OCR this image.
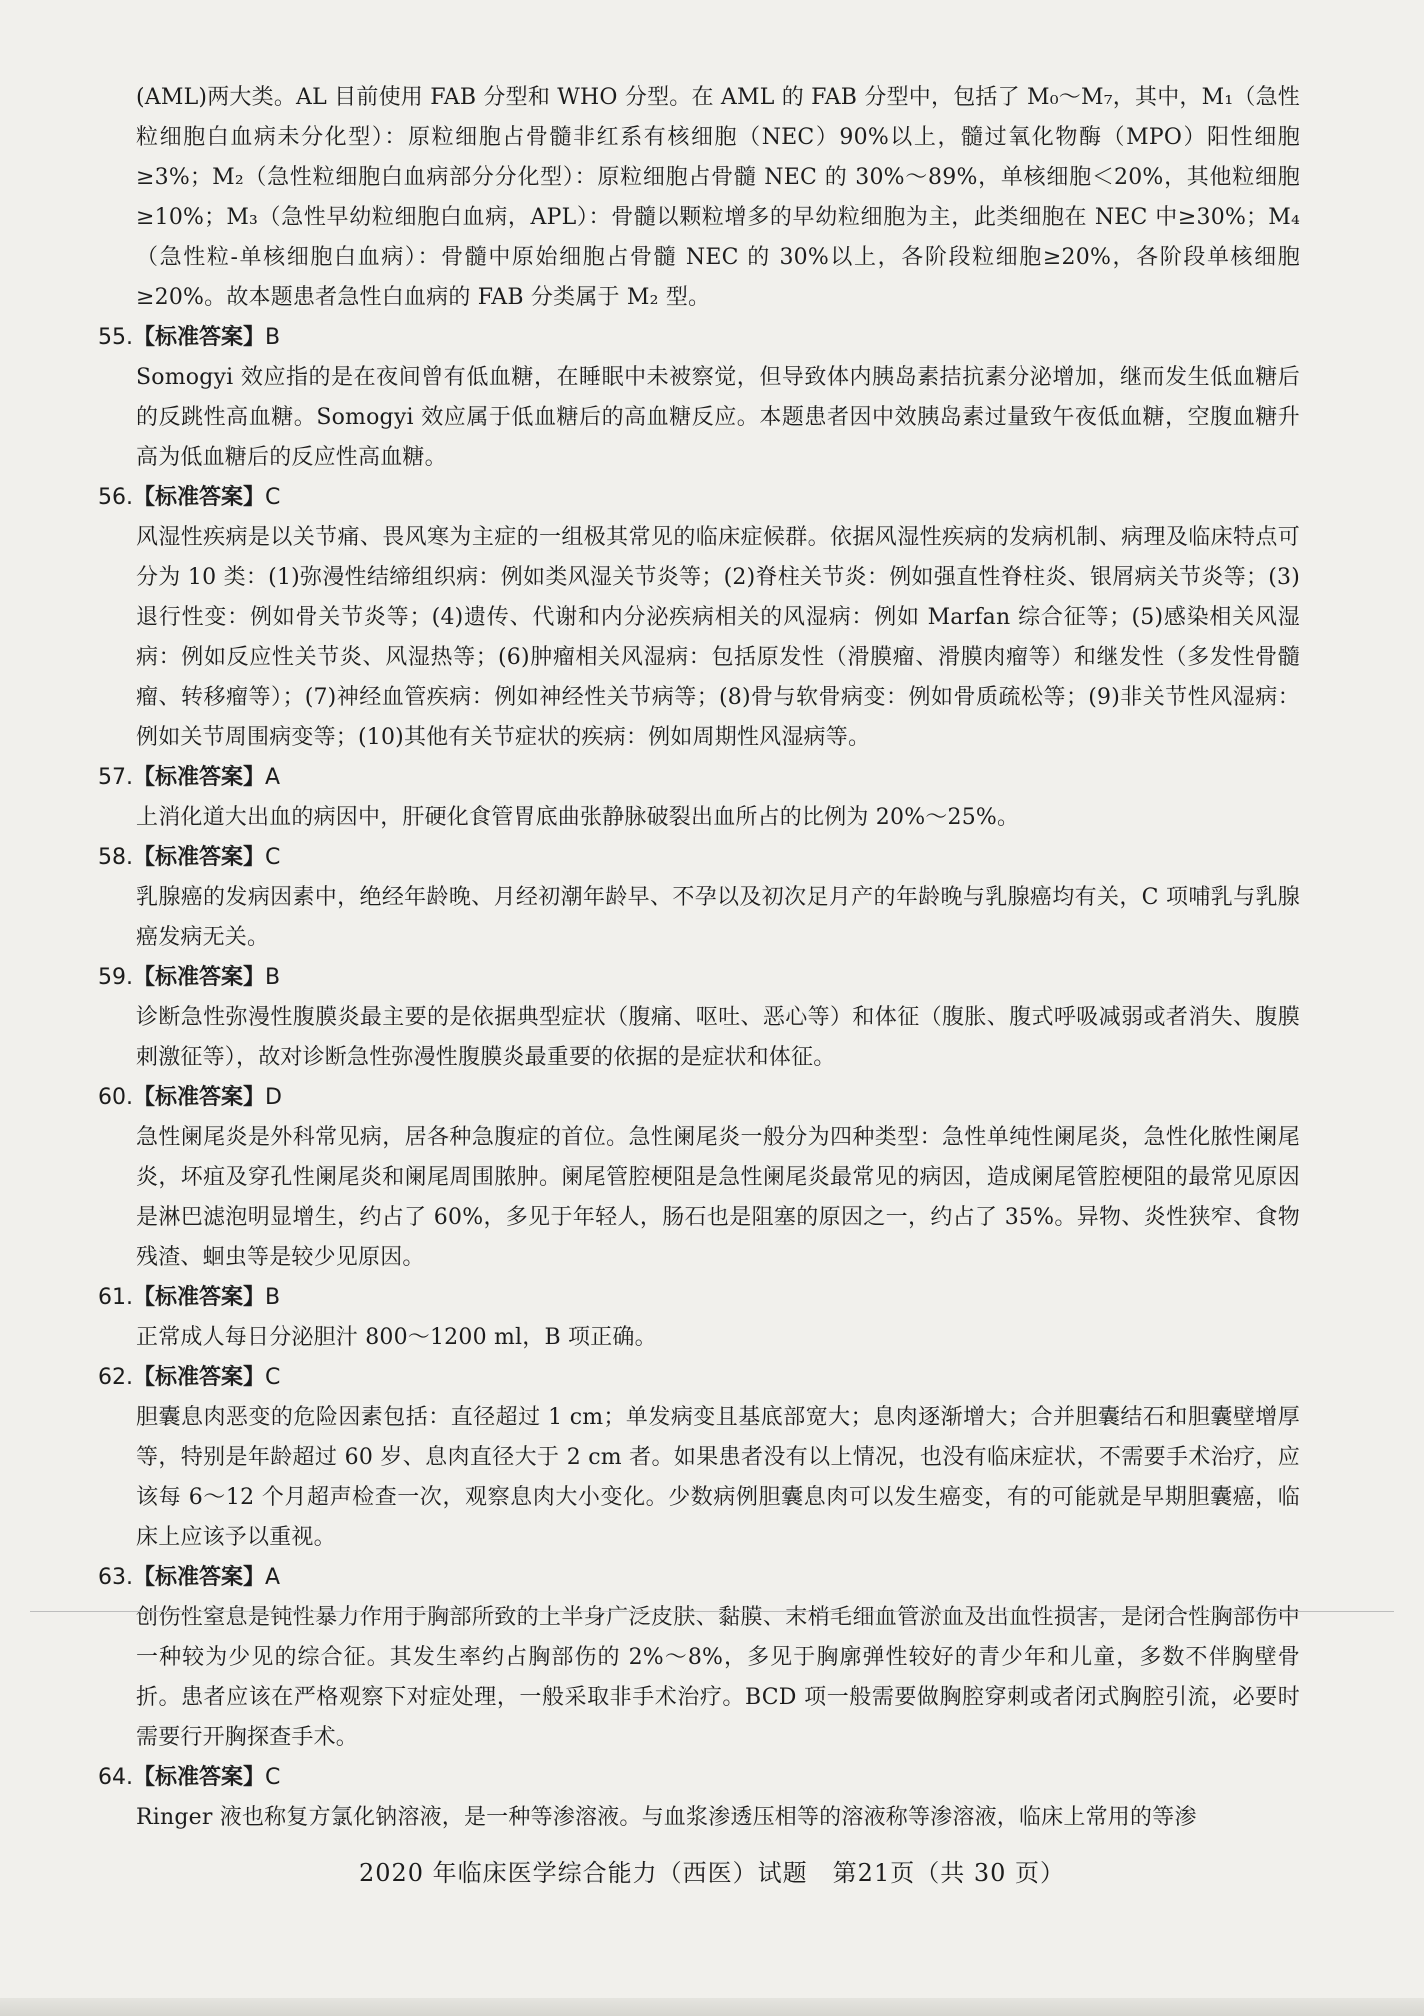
(AML)两大类。AL 目前使用 FAB 分型和 WHO 分型。在 AML 的 FAB 分型中，包括了 M₀～M₇，其中，M₁（急性粒细胞白血病未分化型）：原粒细胞占骨髓非红系有核细胞（NEC）90%以上，髓过氧化物酶（MPO）阳性细胞≥3%；M₂（急性粒细胞白血病部分分化型）：原粒细胞占骨髓 NEC 的 30%～89%，单核细胞＜20%，其他粒细胞≥10%；M₃（急性早幼粒细胞白血病，APL）：骨髓以颗粒增多的早幼粒细胞为主，此类细胞在 NEC 中≥30%；M₄（急性粒-单核细胞白血病）：骨髓中原始细胞占骨髓 NEC 的 30%以上，各阶段粒细胞≥20%，各阶段单核细胞≥20%。故本题患者急性白血病的 FAB 分类属于 M₂ 型。

55.【标准答案】B

Somogyi 效应指的是在夜间曾有低血糖，在睡眠中未被察觉，但导致体内胰岛素拮抗素分泌增加，继而发生低血糖后的反跳性高血糖。Somogyi 效应属于低血糖后的高血糖反应。本题患者因中效胰岛素过量致午夜低血糖，空腹血糖升高为低血糖后的反应性高血糖。

56.【标准答案】C

风湿性疾病是以关节痛、畏风寒为主症的一组极其常见的临床症候群。依据风湿性疾病的发病机制、病理及临床特点可分为 10 类：(1)弥漫性结缔组织病：例如类风湿关节炎等；(2)脊柱关节炎：例如强直性脊柱炎、银屑病关节炎等；(3)退行性变：例如骨关节炎等；(4)遗传、代谢和内分泌疾病相关的风湿病：例如 Marfan 综合征等；(5)感染相关风湿病：例如反应性关节炎、风湿热等；(6)肿瘤相关风湿病：包括原发性（滑膜瘤、滑膜肉瘤等）和继发性（多发性骨髓瘤、转移瘤等）；(7)神经血管疾病：例如神经性关节病等；(8)骨与软骨病变：例如骨质疏松等；(9)非关节性风湿病：例如关节周围病变等；(10)其他有关节症状的疾病：例如周期性风湿病等。

57.【标准答案】A

上消化道大出血的病因中，肝硬化食管胃底曲张静脉破裂出血所占的比例为 20%～25%。

58.【标准答案】C

乳腺癌的发病因素中，绝经年龄晚、月经初潮年龄早、不孕以及初次足月产的年龄晚与乳腺癌均有关，C 项哺乳与乳腺癌发病无关。

59.【标准答案】B

诊断急性弥漫性腹膜炎最主要的是依据典型症状（腹痛、呕吐、恶心等）和体征（腹胀、腹式呼吸减弱或者消失、腹膜刺激征等），故对诊断急性弥漫性腹膜炎最重要的依据的是症状和体征。

60.【标准答案】D

急性阑尾炎是外科常见病，居各种急腹症的首位。急性阑尾炎一般分为四种类型：急性单纯性阑尾炎，急性化脓性阑尾炎，坏疽及穿孔性阑尾炎和阑尾周围脓肿。阑尾管腔梗阻是急性阑尾炎最常见的病因，造成阑尾管腔梗阻的最常见原因是淋巴滤泡明显增生，约占了 60%，多见于年轻人，肠石也是阻塞的原因之一，约占了 35%。异物、炎性狭窄、食物残渣、蛔虫等是较少见原因。

61.【标准答案】B

正常成人每日分泌胆汁 800～1200 ml，B 项正确。

62.【标准答案】C

胆囊息肉恶变的危险因素包括：直径超过 1 cm；单发病变且基底部宽大；息肉逐渐增大；合并胆囊结石和胆囊壁增厚等，特别是年龄超过 60 岁、息肉直径大于 2 cm 者。如果患者没有以上情况，也没有临床症状，不需要手术治疗，应该每 6～12 个月超声检查一次，观察息肉大小变化。少数病例胆囊息肉可以发生癌变，有的可能就是早期胆囊癌，临床上应该予以重视。

63.【标准答案】A

创伤性窒息是钝性暴力作用于胸部所致的上半身广泛皮肤、黏膜、末梢毛细血管淤血及出血性损害，是闭合性胸部伤中一种较为少见的综合征。其发生率约占胸部伤的 2%～8%，多见于胸廓弹性较好的青少年和儿童，多数不伴胸壁骨折。患者应该在严格观察下对症处理，一般采取非手术治疗。BCD 项一般需要做胸腔穿刺或者闭式胸腔引流，必要时需要行开胸探查手术。

64.【标准答案】C

Ringer 液也称复方氯化钠溶液，是一种等渗溶液。与血浆渗透压相等的溶液称等渗溶液，临床上常用的等渗

2020 年临床医学综合能力（西医）试题　第21页（共 30 页）
